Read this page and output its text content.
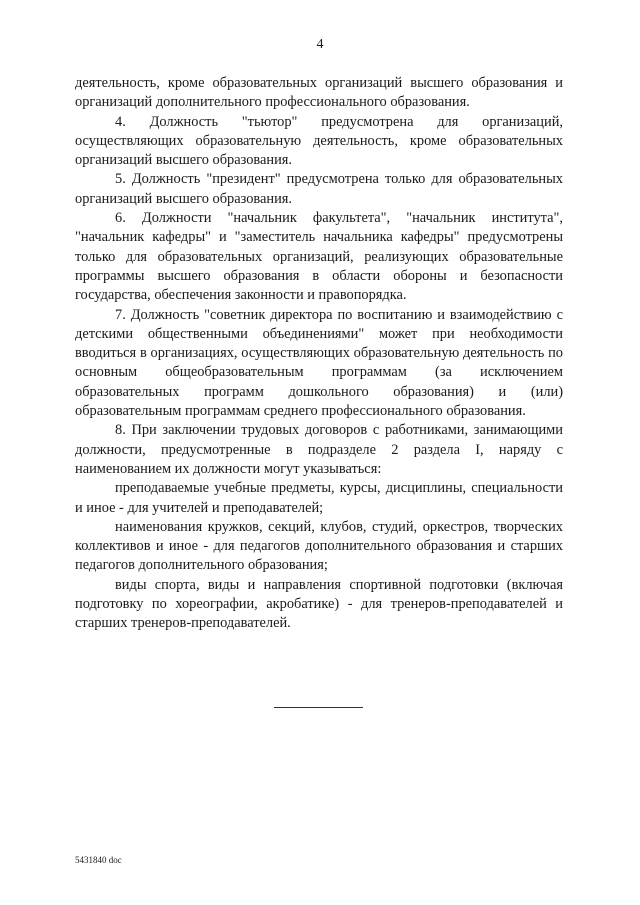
4

деятельность, кроме образовательных организаций высшего образования и организаций дополнительного профессионального образования.

4. Должность "тьютор" предусмотрена для организаций, осуществляющих образовательную деятельность, кроме образовательных организаций высшего образования.

5. Должность "президент" предусмотрена только для образовательных организаций высшего образования.

6. Должности "начальник факультета", "начальник института", "начальник кафедры" и "заместитель начальника кафедры" предусмотрены только для образовательных организаций, реализующих образовательные программы высшего образования в области обороны и безопасности государства, обеспечения законности и правопорядка.

7. Должность "советник директора по воспитанию и взаимодействию с детскими общественными объединениями" может при необходимости вводиться в организациях, осуществляющих образовательную деятельность по основным общеобразовательным программам (за исключением образовательных программ дошкольного образования) и (или) образовательным программам среднего профессионального образования.

8. При заключении трудовых договоров с работниками, занимающими должности, предусмотренные в подразделе 2 раздела I, наряду с наименованием их должности могут указываться:

преподаваемые учебные предметы, курсы, дисциплины, специальности и иное - для учителей и преподавателей;

наименования кружков, секций, клубов, студий, оркестров, творческих коллективов и иное - для педагогов дополнительного образования и старших педагогов дополнительного образования;

виды спорта, виды и направления спортивной подготовки (включая подготовку по хореографии, акробатике) - для тренеров-преподавателей и старших тренеров-преподавателей.

5431840 doc
